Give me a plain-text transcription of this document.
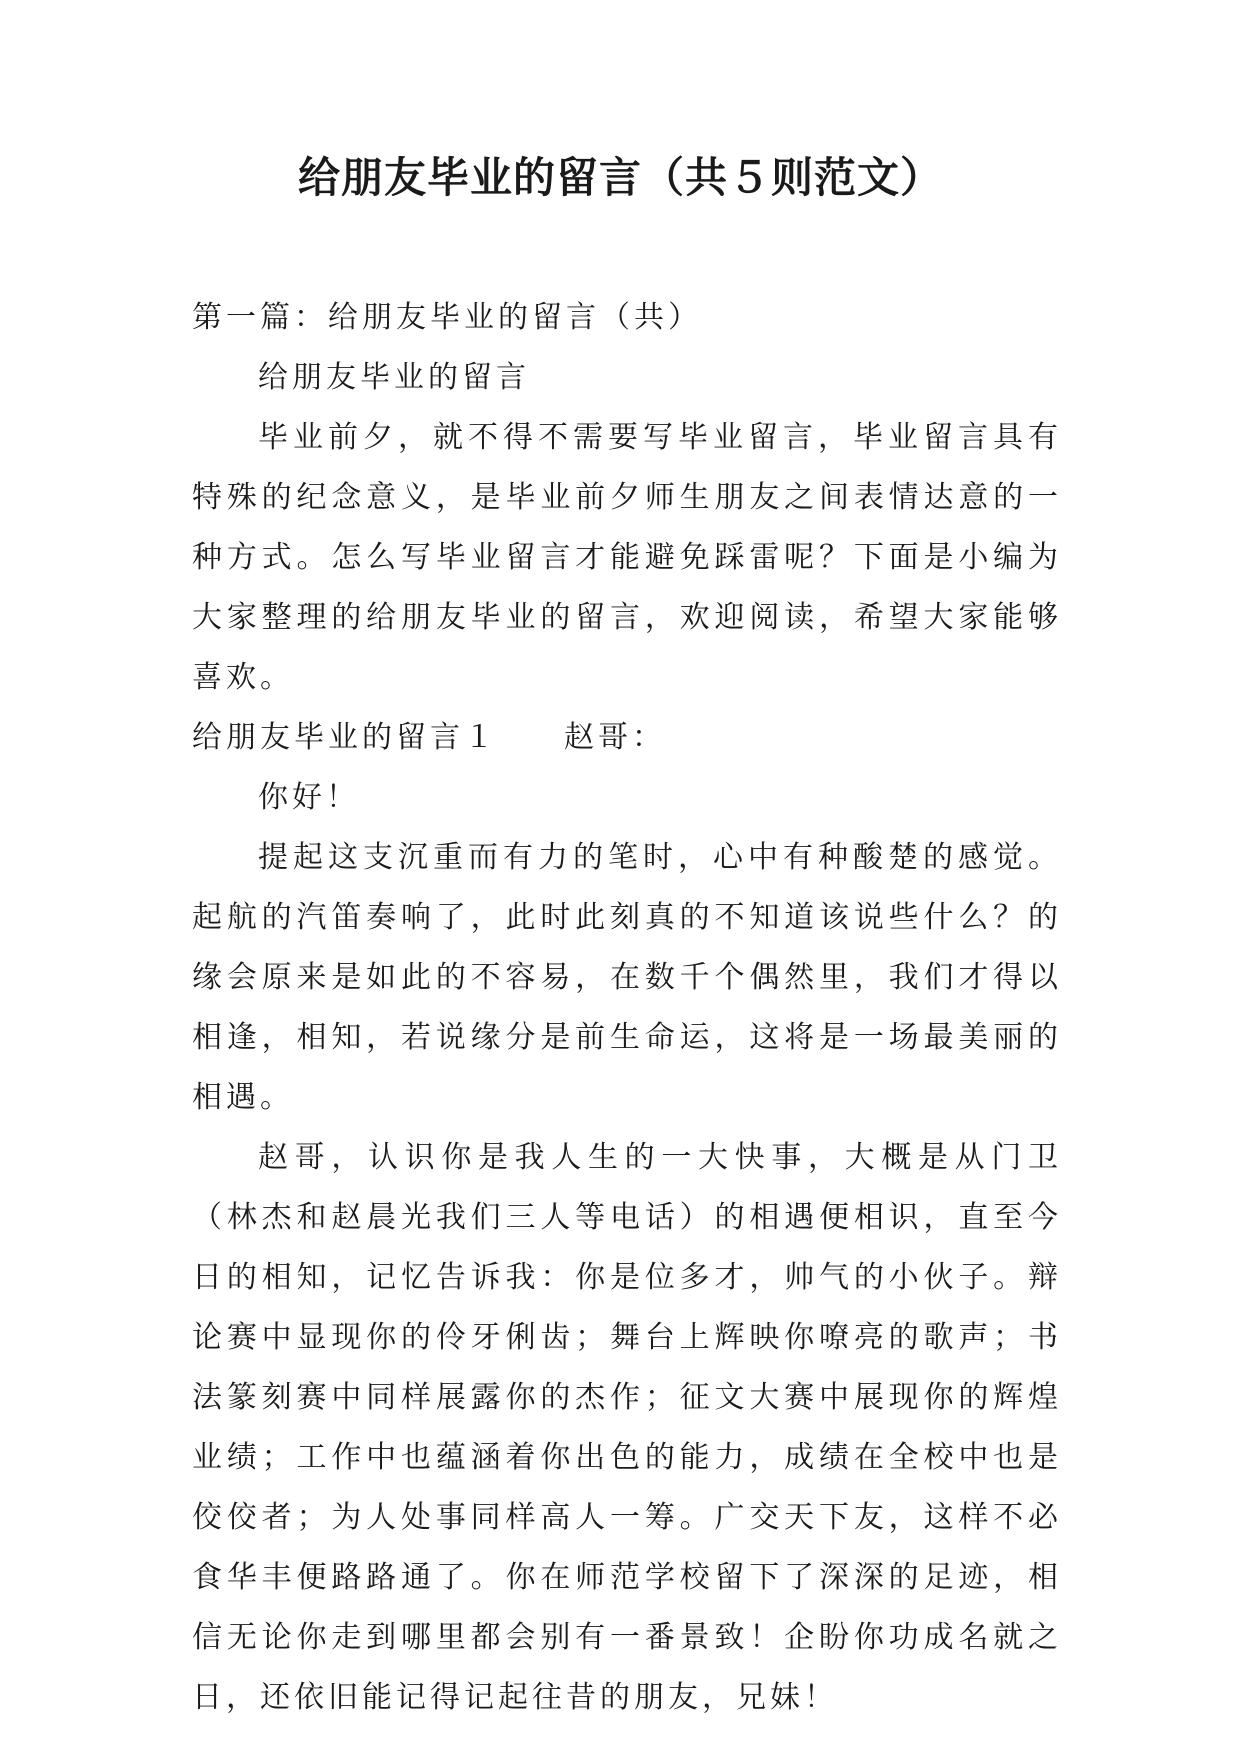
给朋友毕业的留言（共５则范文）

第一篇：给朋友毕业的留言（共）

给朋友毕业的留言

毕业前夕，就不得不需要写毕业留言，毕业留言具有特殊的纪念意义，是毕业前夕师生朋友之间表情达意的一种方式。怎么写毕业留言才能避免踩雷呢？下面是小编为大家整理的给朋友毕业的留言，欢迎阅读，希望大家能够喜欢。

给朋友毕业的留言１ 赵哥：

你好！

提起这支沉重而有力的笔时，心中有种酸楚的感觉。起航的汽笛奏响了，此时此刻真的不知道该说些什么？的缘会原来是如此的不容易，在数千个偶然里，我们才得以相逢，相知，若说缘分是前生命运，这将是一场最美丽的相遇。

赵哥，认识你是我人生的一大快事，大概是从门卫（林杰和赵晨光我们三人等电话）的相遇便相识，直至今日的相知，记忆告诉我：你是位多才，帅气的小伙子。辩论赛中显现你的伶牙俐齿；舞台上辉映你嘹亮的歌声；书法篆刻赛中同样展露你的杰作；征文大赛中展现你的辉煌业绩；工作中也蕴涵着你出色的能力，成绩在全校中也是佼佼者；为人处事同样高人一筹。广交天下友，这样不必食华丰便路路通了。你在师范学校留下了深深的足迹，相信无论你走到哪里都会别有一番景致！企盼你功成名就之日，还依旧能记得记起往昔的朋友，兄妹！
